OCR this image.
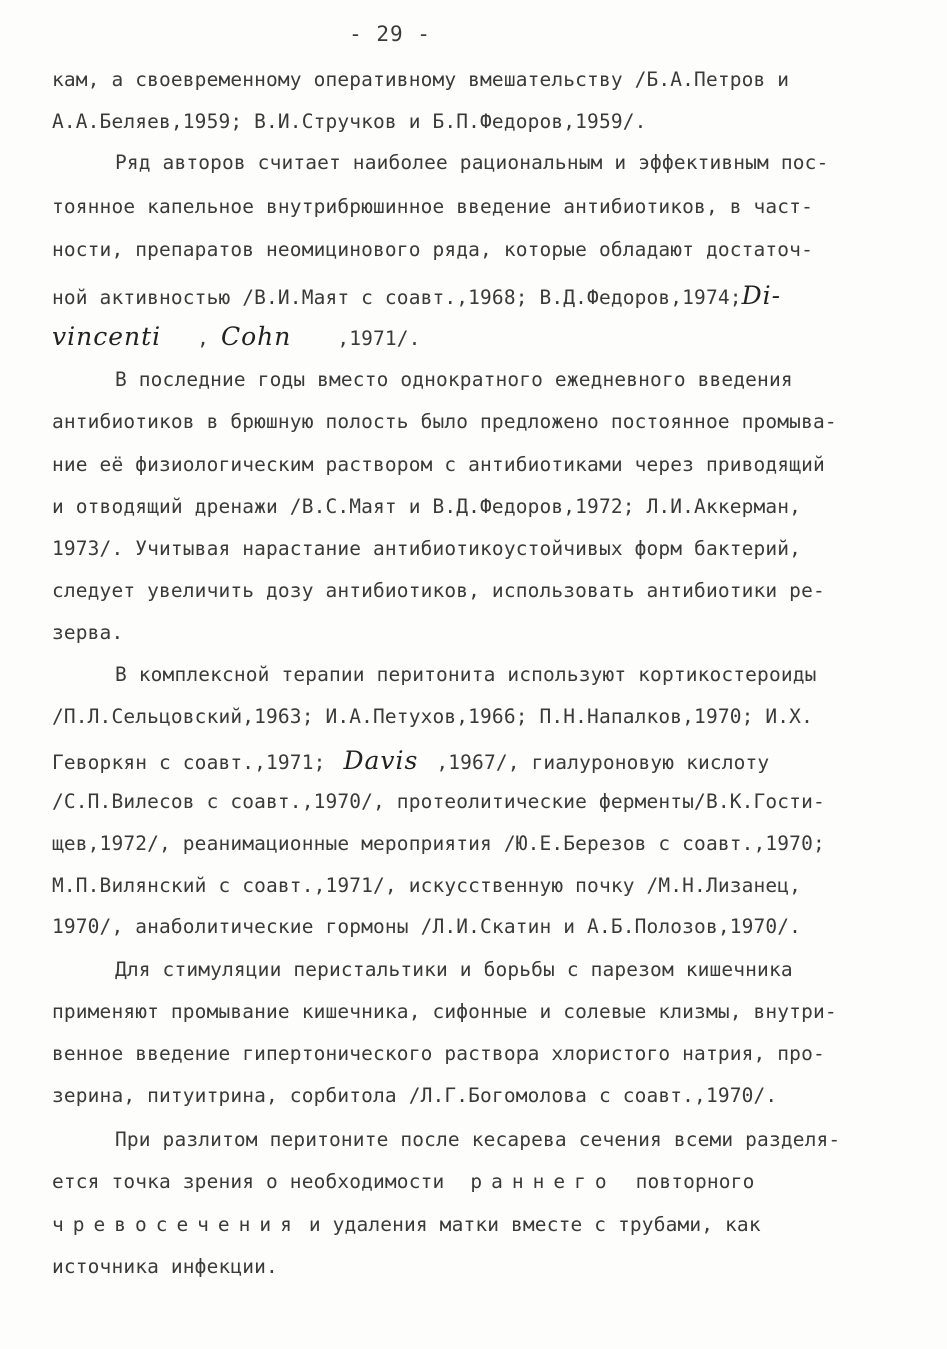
- 29 -
кам, а своевременному оперативному вмешательству /Б.А.Петров и
А.А.Беляев,1959; В.И.Стручков и Б.П.Федоров,1959/.
Ряд авторов считает наиболее рациональным и эффективным пос-
тоянное капельное внутрибрюшинное введение антибиотиков, в част-
ности, препаратов неомицинового ряда, которые обладают достаточ-
ной активностью /В.И.Маят с соавт.,1968; В.Д.Федоров,1974;Di-
vincenti , Cohn ,1971/.
В последние годы вместо однократного ежедневного введения
антибиотиков в брюшную полость было предложено постоянное промыва-
ние её физиологическим раствором с антибиотиками через приводящий
и отводящий дренажи /В.С.Маят и В.Д.Федоров,1972; Л.И.Аккерман,
1973/. Учитывая нарастание антибиотикоустойчивых форм бактерий,
следует увеличить дозу антибиотиков, использовать антибиотики ре-
зерва.
В комплексной терапии перитонита используют кортикостероиды
/П.Л.Сельцовский,1963; И.А.Петухов,1966; П.Н.Напалков,1970; И.Х.
Геворкян с соавт.,1971; Davis ,1967/, гиалуроновую кислоту
/С.П.Вилесов с соавт.,1970/, протеолитические ферменты/В.К.Гости-
щев,1972/, реанимационные мероприятия /Ю.Е.Березов с соавт.,1970;
М.П.Вилянский с соавт.,1971/, искусственную почку /М.Н.Лизанец,
1970/, анаболитические гормоны /Л.И.Скатин и А.Б.Полозов,1970/.
Для стимуляции перистальтики и борьбы с парезом кишечника
применяют промывание кишечника, сифонные и солевые клизмы, внутри-
венное введение гипертонического раствора хлористого натрия, про-
зерина, питуитрина, сорбитола /Л.Г.Богомолова с соавт.,1970/.
При разлитом перитоните после кесарева сечения всеми разделя-
ется точка зрения о необходимости раннего повторного
чревосечения и удаления матки вместе с трубами, как
источника инфекции.
